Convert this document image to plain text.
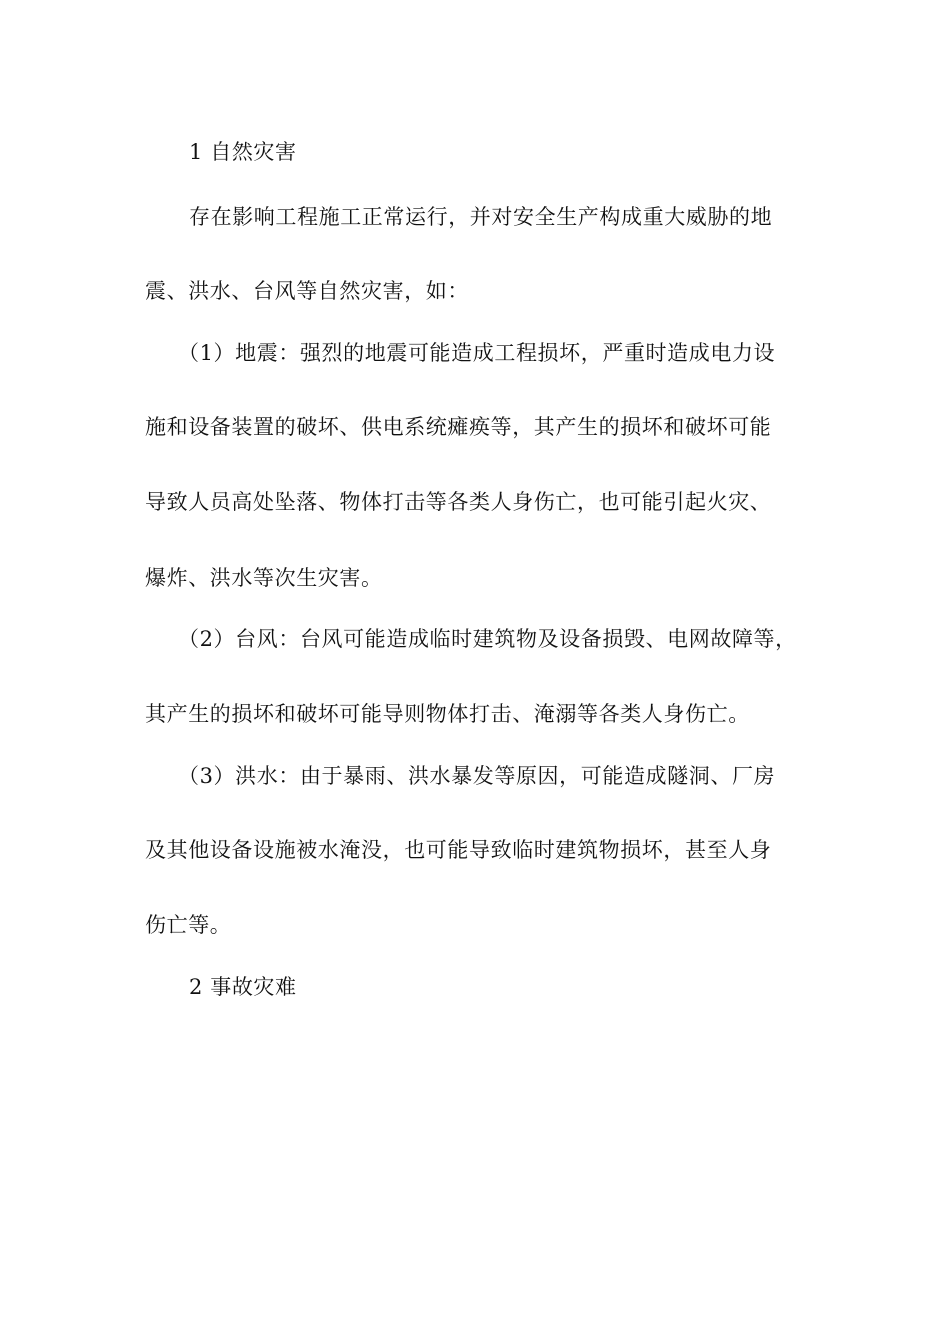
1 自然灾害
存在影响工程施工正常运行，并对安全生产构成重大威胁的地
震、洪水、台风等自然灾害，如：
（1）地震：强烈的地震可能造成工程损坏，严重时造成电力设
施和设备装置的破坏、供电系统瘫痪等，其产生的损坏和破坏可能
导致人员高处坠落、物体打击等各类人身伤亡，也可能引起火灾、
爆炸、洪水等次生灾害。
（2）台风：台风可能造成临时建筑物及设备损毁、电网故障等，
其产生的损坏和破坏可能导则物体打击、淹溺等各类人身伤亡。
（3）洪水：由于暴雨、洪水暴发等原因，可能造成隧洞、厂房
及其他设备设施被水淹没，也可能导致临时建筑物损坏，甚至人身
伤亡等。
2 事故灾难
